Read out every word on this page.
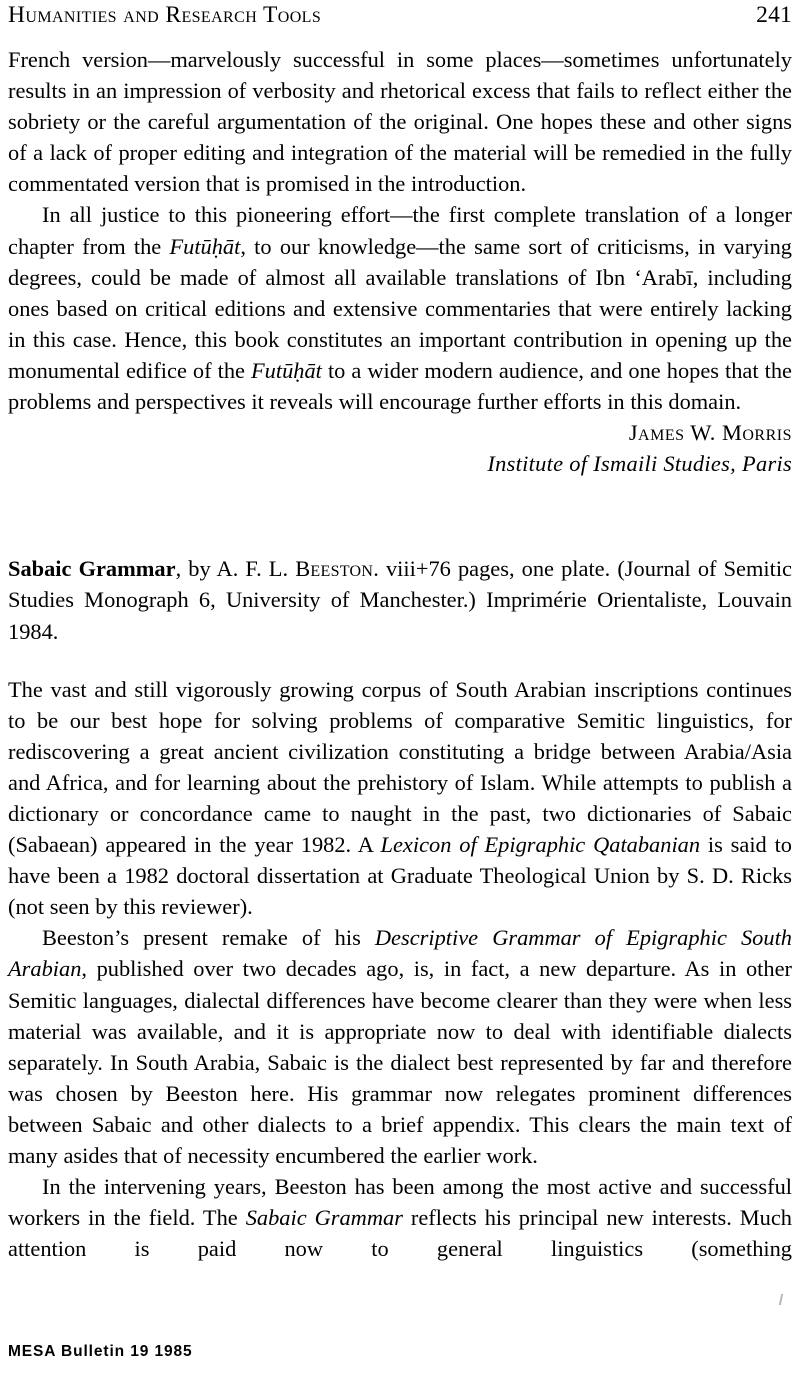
Humanities and Research Tools	241

French version—marvelously successful in some places—sometimes unfortunately results in an impression of verbosity and rhetorical excess that fails to reflect either the sobriety or the careful argumentation of the original. One hopes these and other signs of a lack of proper editing and integration of the material will be remedied in the fully commentated version that is promised in the introduction.

In all justice to this pioneering effort—the first complete translation of a longer chapter from the Futūḥāt, to our knowledge—the same sort of criticisms, in varying degrees, could be made of almost all available translations of Ibn ‘Arabī, including ones based on critical editions and extensive commentaries that were entirely lacking in this case. Hence, this book constitutes an important contribution in opening up the monumental edifice of the Futūḥāt to a wider modern audience, and one hopes that the problems and perspectives it reveals will encourage further efforts in this domain.

James W. Morris
Institute of Ismaili Studies, Paris

Sabaic Grammar, by A. F. L. Beeston. viii+76 pages, one plate. (Journal of Semitic Studies Monograph 6, University of Manchester.) Imprimérie Orientaliste, Louvain 1984.

The vast and still vigorously growing corpus of South Arabian inscriptions continues to be our best hope for solving problems of comparative Semitic linguistics, for rediscovering a great ancient civilization constituting a bridge between Arabia/Asia and Africa, and for learning about the prehistory of Islam. While attempts to publish a dictionary or concordance came to naught in the past, two dictionaries of Sabaic (Sabaean) appeared in the year 1982. A Lexicon of Epigraphic Qatabanian is said to have been a 1982 doctoral dissertation at Graduate Theological Union by S. D. Ricks (not seen by this reviewer).

Beeston’s present remake of his Descriptive Grammar of Epigraphic South Arabian, published over two decades ago, is, in fact, a new departure. As in other Semitic languages, dialectal differences have become clearer than they were when less material was available, and it is appropriate now to deal with identifiable dialects separately. In South Arabia, Sabaic is the dialect best represented by far and therefore was chosen by Beeston here. His grammar now relegates prominent differences between Sabaic and other dialects to a brief appendix. This clears the main text of many asides that of necessity encumbered the earlier work.

In the intervening years, Beeston has been among the most active and successful workers in the field. The Sabaic Grammar reflects his principal new interests. Much attention is paid now to general linguistics (something

MESA Bulletin 19 1985
